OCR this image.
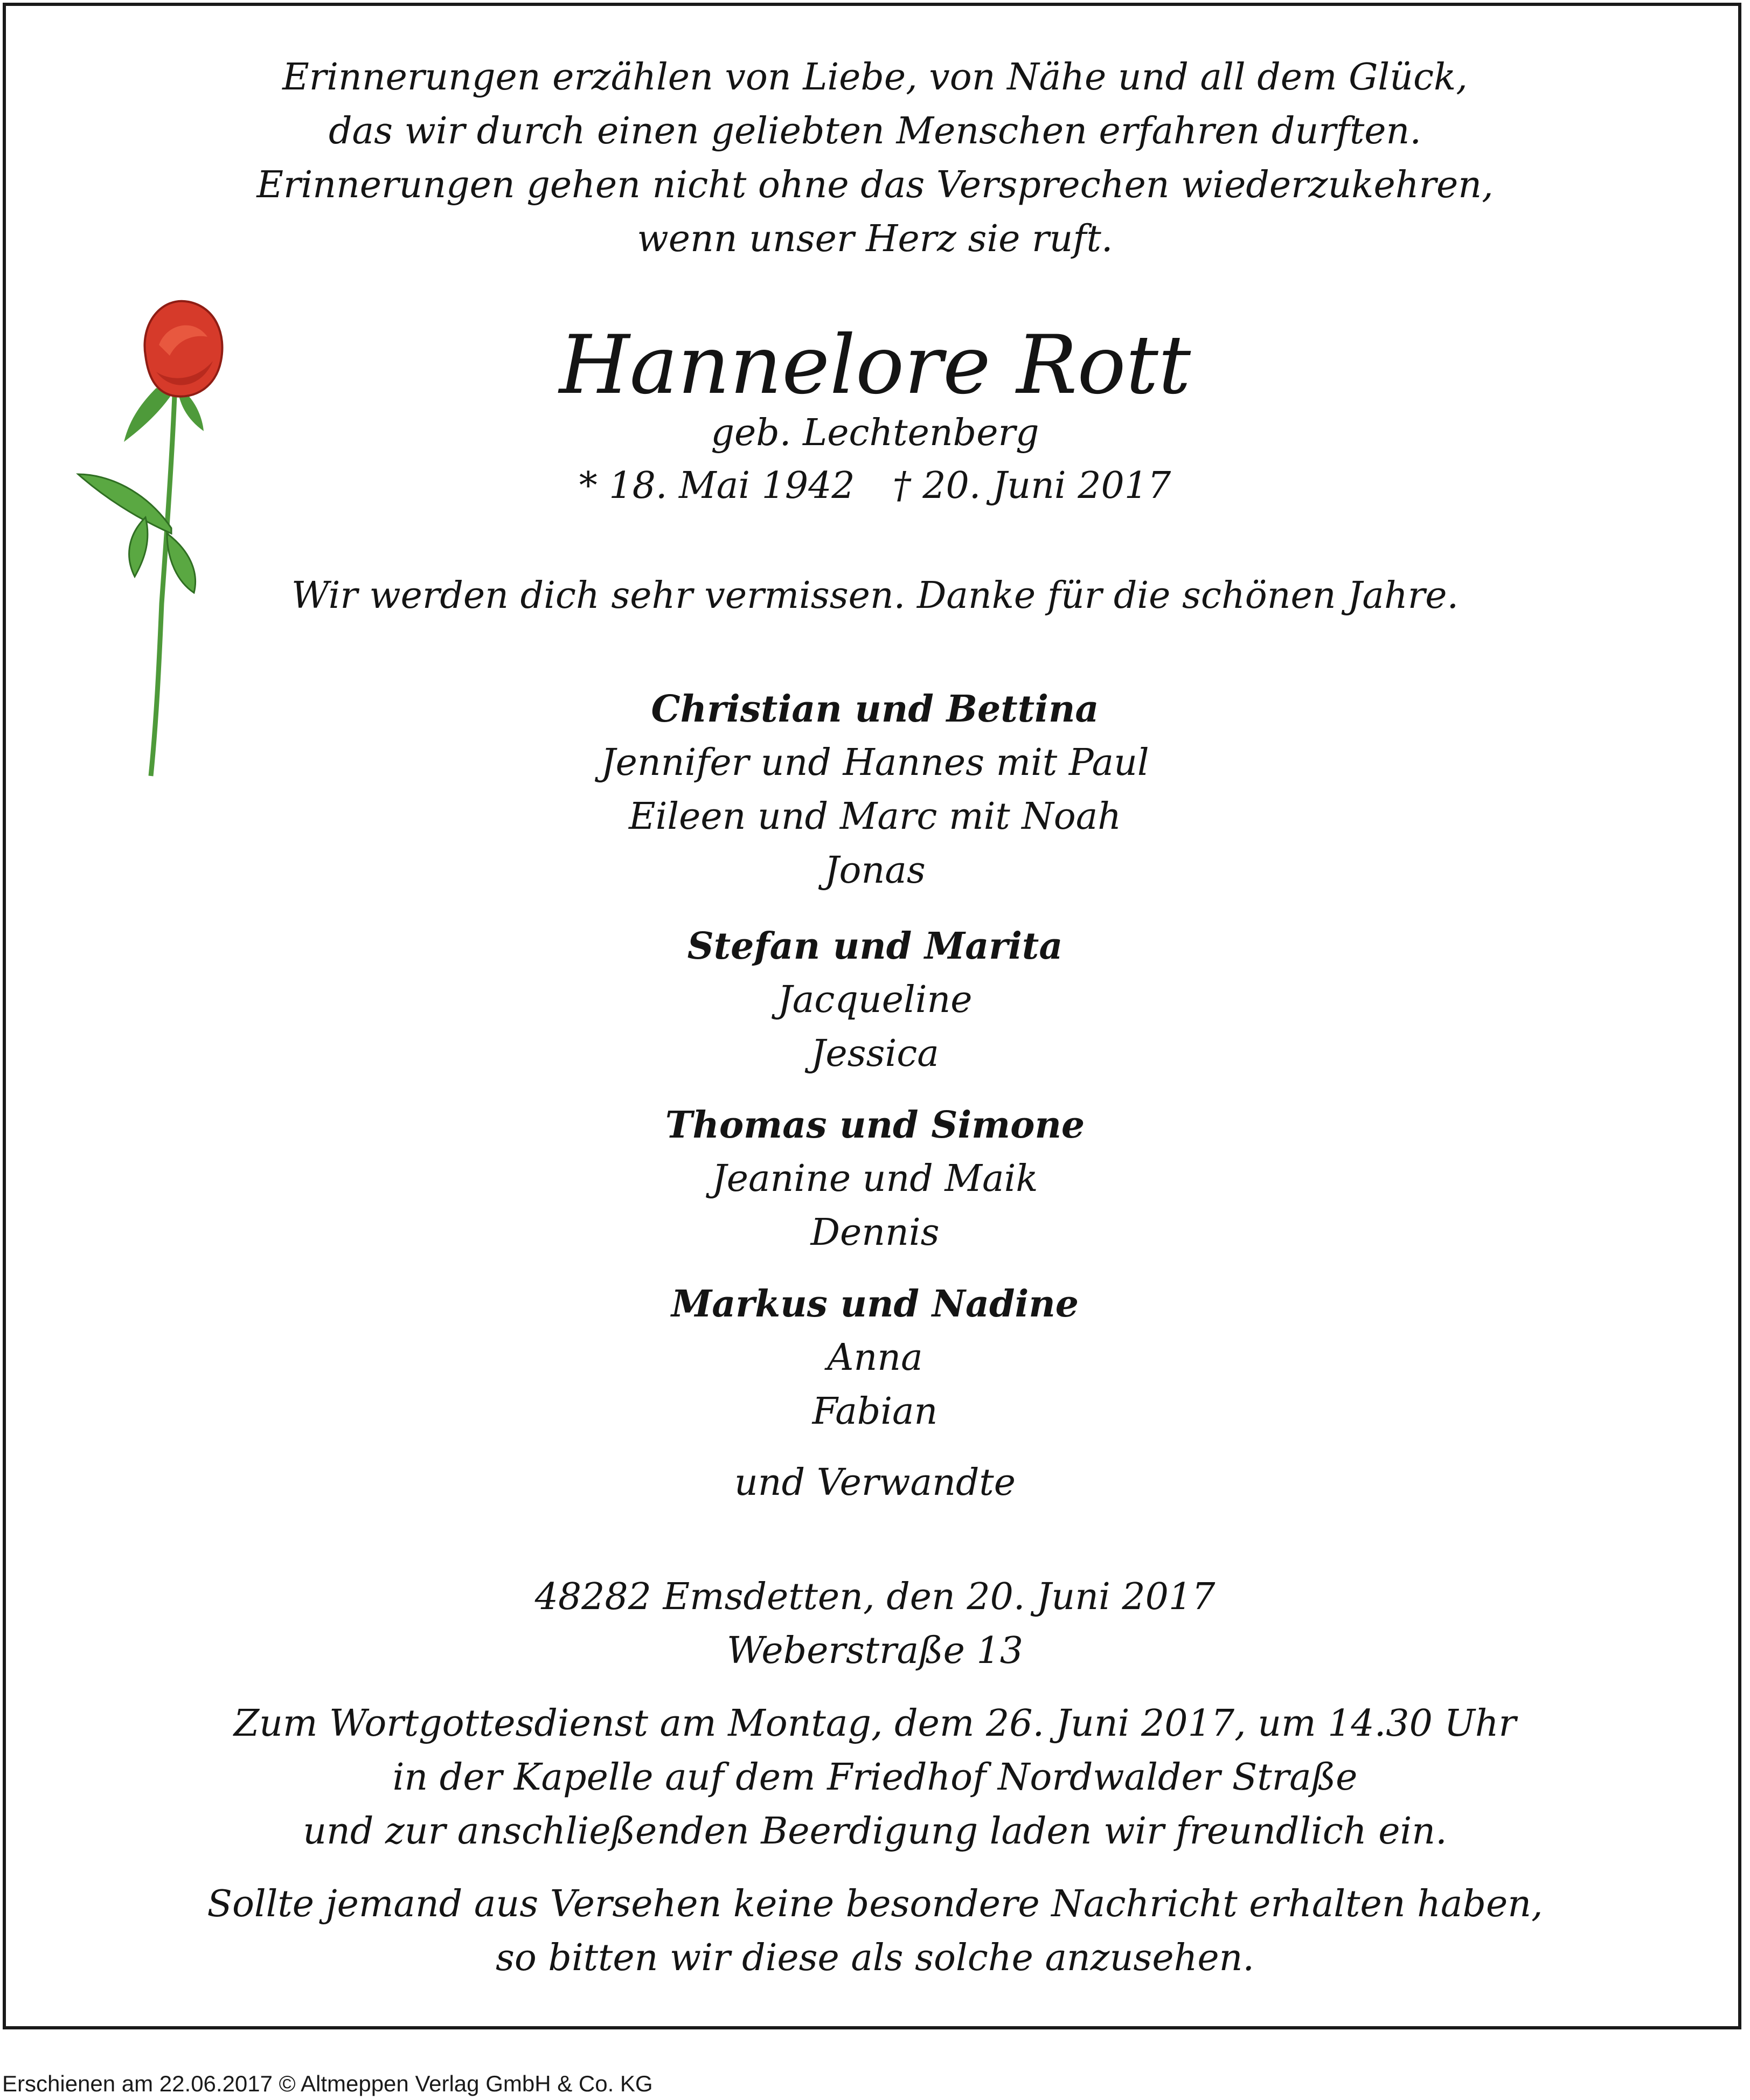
Erinnerungen erzählen von Liebe, von Nähe und all dem Glück,
das wir durch einen geliebten Menschen erfahren durften.
Erinnerungen gehen nicht ohne das Versprechen wiederzukehren,
wenn unser Herz sie ruft.
Hannelore Rott
geb. Lechtenberg
* 18. Mai 1942 † 20. Juni 2017
Wir werden dich sehr vermissen. Danke für die schönen Jahre.
Christian und Bettina
Jennifer und Hannes mit Paul
Eileen und Marc mit Noah
Jonas
Stefan und Marita
Jacqueline
Jessica
Thomas und Simone
Jeanine und Maik
Dennis
Markus und Nadine
Anna
Fabian
und Verwandte
48282 Emsdetten, den 20. Juni 2017
Weberstraße 13
Zum Wortgottesdienst am Montag, dem 26. Juni 2017, um 14.30 Uhr
in der Kapelle auf dem Friedhof Nordwalder Straße
und zur anschließenden Beerdigung laden wir freundlich ein.
Sollte jemand aus Versehen keine besondere Nachricht erhalten haben,
so bitten wir diese als solche anzusehen.
Erschienen am 22.06.2017 © Altmeppen Verlag GmbH & Co. KG
